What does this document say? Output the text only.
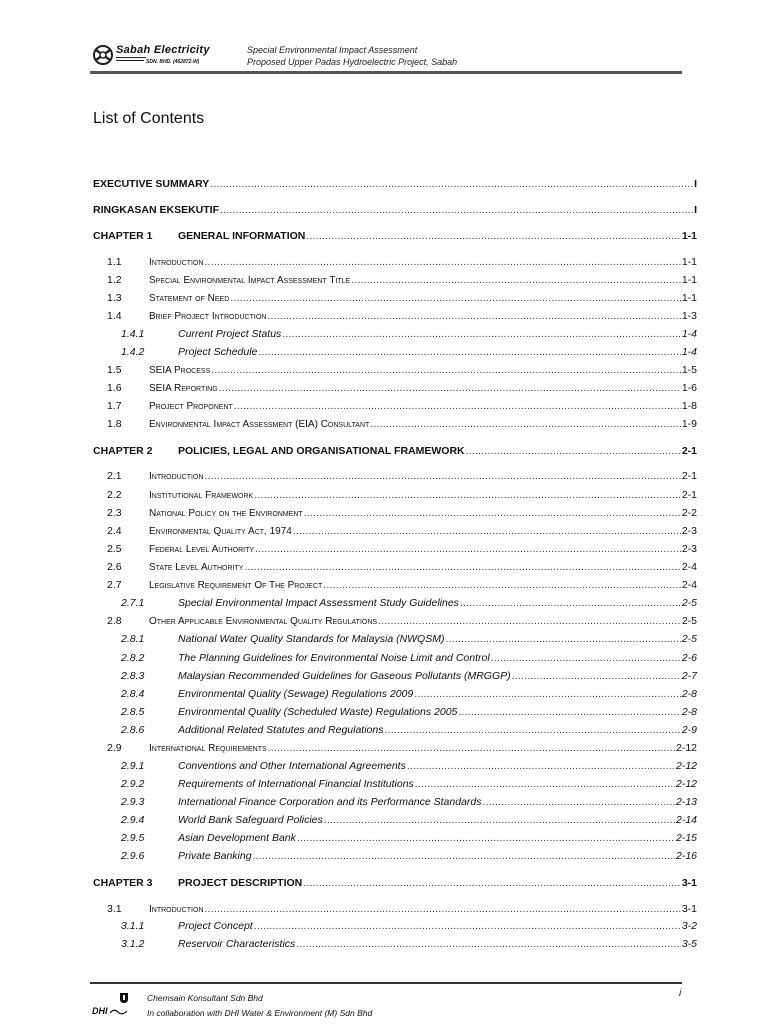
Sabah Electricity
SDN. BHD. (462872-W)
Special Environmental Impact Assessment
Proposed Upper Padas Hydroelectric Project, Sabah
List of Contents
EXECUTIVE SUMMARY .....	I
RINGKASAN EKSEKUTIF .....	I
CHAPTER 1	GENERAL INFORMATION .....	1-1
1.1	Introduction .....	1-1
1.2	Special Environmental Impact Assessment Title .....	1-1
1.3	Statement of Need .....	1-1
1.4	Brief Project Introduction .....	1-3
1.4.1	Current Project Status .....	1-4
1.4.2	Project Schedule .....	1-4
1.5	SEIA Process .....	1-5
1.6	SEIA Reporting .....	1-6
1.7	Project Proponent .....	1-8
1.8	Environmental Impact Assessment (EIA) Consultant .....	1-9
CHAPTER 2	POLICIES, LEGAL AND ORGANISATIONAL FRAMEWORK .....	2-1
2.1	Introduction .....	2-1
2.2	Institutional Framework .....	2-1
2.3	National Policy on the Environment .....	2-2
2.4	Environmental Quality Act, 1974 .....	2-3
2.5	Federal Level Authority .....	2-3
2.6	State Level Authority .....	2-4
2.7	Legislative Requirement Of The Project .....	2-4
2.7.1	Special Environmental Impact Assessment Study Guidelines .....	2-5
2.8	Other Applicable Environmental Quality Regulations .....	2-5
2.8.1	National Water Quality Standards for Malaysia (NWQSM) .....	2-5
2.8.2	The Planning Guidelines for Environmental Noise Limit and Control .....	2-6
2.8.3	Malaysian Recommended Guidelines for Gaseous Pollutants (MRGGP) .....	2-7
2.8.4	Environmental Quality (Sewage) Regulations 2009 .....	2-8
2.8.5	Environmental Quality (Scheduled Waste) Regulations 2005 .....	2-8
2.8.6	Additional Related Statutes and Regulations .....	2-9
2.9	International Requirements .....	2-12
2.9.1	Conventions and Other International Agreements .....	2-12
2.9.2	Requirements of International Financial Institutions .....	2-12
2.9.3	International Finance Corporation and its Performance Standards .....	2-13
2.9.4	World Bank Safeguard Policies .....	2-14
2.9.5	Asian Development Bank .....	2-15
2.9.6	Private Banking .....	2-16
CHAPTER 3	PROJECT DESCRIPTION .....	3-1
3.1	Introduction .....	3-1
3.1.1	Project Concept .....	3-2
3.1.2	Reservoir Characteristics .....	3-5
DHI
Chemsain Konsultant Sdn Bhd
In collaboration with DHI Water & Environment (M) Sdn Bhd
i
